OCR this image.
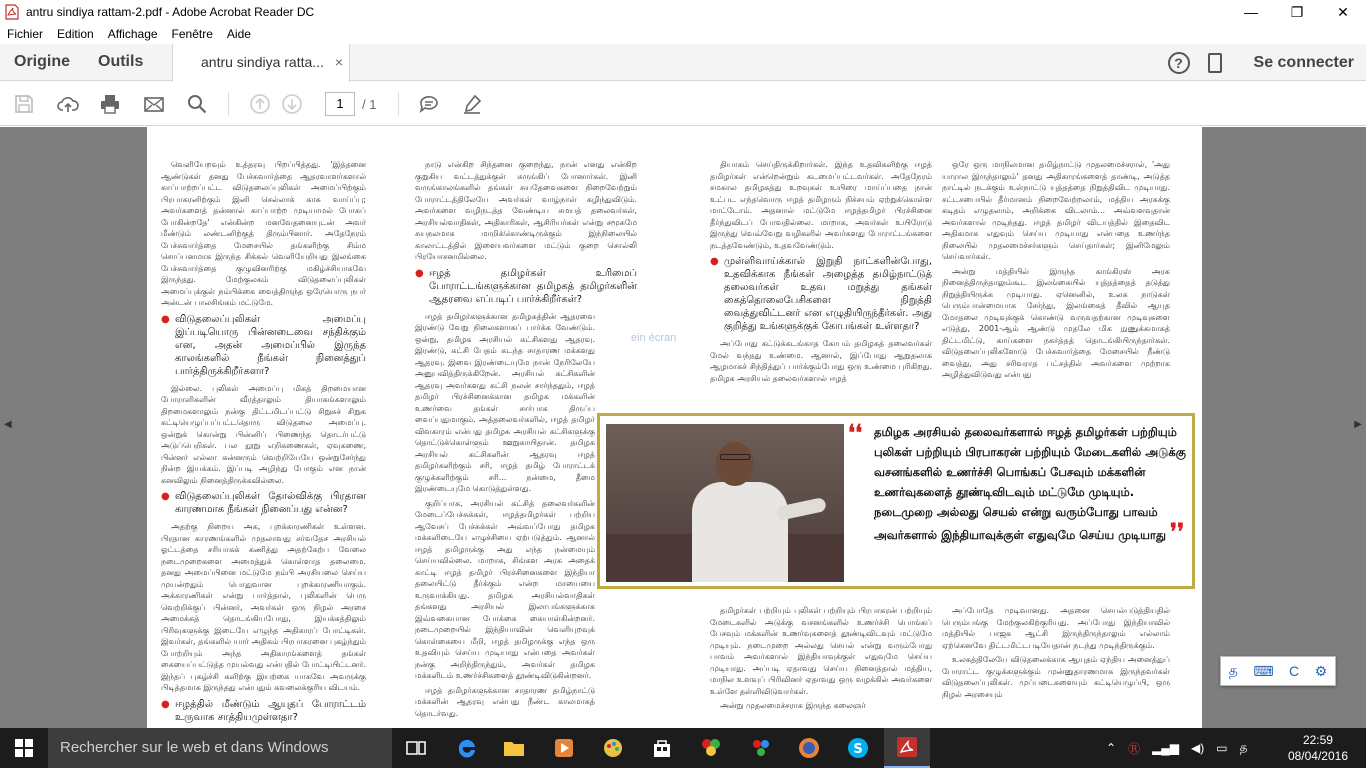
antru sindiya rattam-2.pdf - Adobe Acrobat Reader DC	—	❐	✕
Fichier	Edition	Affichage	Fenêtre	Aide
Origine Outils	antru sindiya ratta... ×	?	Se connecter
1	/ 1
◀	▶

வெளியேறவும் உத்தரவு பிறப்பித்தது. 'இத்தனை ஆண்டுகள் தனது பேச்சுவார்த்தை ஆதரவாளர்களால் காப்பாற்றப்பட்ட விடுதலைப்புலிகள் அமைப்பிற்கும் பிரபாகரனிற்கும் இனி செல்லாக் காசு வாய்ப்பு; அவர்களைத் தன்னால் காப்பாற்ற முடியாமல் போகப் போகின்றதே' என்கின்ற மனவேதனையுடன் அவர் மீண்டும் லண்டனிற்குத் திரும்பினார். அதேநேரம் பேச்சுவார்த்தை மேசையில் தங்களிற்கு சிம்ம சொப்பனமாக இருந்த சிக்கல் வெளியேறியது இலங்கை பேச்சுவார்த்தை குழுவினரிற்கு மகிழ்ச்சியாகவே இருந்தது. மேற்குலகம் விடுதலைப்புலிகள் அமைப்புக்குள் நம்பிக்கை வைத்திருந்த ஒரேயொரு நபர் அன்டன் பாலசிங்கம் மட்டுமே.

● விடுதலைப்புலிகள் அமைப்பு இப்படியொரு பின்னடைவை சந்திக்கும் என, அதன் அமைப்பில் இருந்த காலங்களில் நீங்கள் நினைத்துப் பார்த்திருக்கிறீர்களா?

இல்லை. புலிகள் அமைப்பு மிகத் திறமையான போராளிகளின் வீரத்தாலும் தியாகங்களாலும் திறமைகளாலும் நன்கு திட்டமிடப்பட்டு சிறுசுச் சிறுக கட்டியெழுப்பப்பட்டதொரு விடுதலை அமைப்பு. ஒன்றுக் கொன்று பின்னிப் பிணைந்த தொடர்பட்டு அடுப்பெறிகள். பல நூறு எறிகணைகள், ஏவுகணை, பின்னர் எல்லா கன்னரும் வெற்றியேயே ஒன்றுசேர்ந்து நின்ற இயக்கம். இப்படி அழிந்து போகும் என நான் கனவிலும் நினைத்திருக்கவில்லை.

● விடுதலைப்புலிகள் தோல்விக்கு பிரதான காரணமாக நீங்கள் நினைப்பது என்ன?

அதற்கு நிறைய அக, புறக்காரணிகள் உள்ளன. பிரதான காரணங்களில் முதலாவது சர்வதேச அரசியல் ஓட்டத்தை சரியாகக் கணித்து அதற்கேற்ப வேலை நடைமுறைகளை அமைத்துக் கொள்ளாத தலைமை. தனது அமைப்பினை மட்டுமே நம்பி அரசியலை செய்ய முயன்றதும் பொதுவான புறக்காரணியாகும். அக்காரணிகள் என்று பார்த்தால், புலிகளின் பெரு வெற்றிக்குப் பின்னர், அவர்கள் ஒரு நிழல் அரசை அமைக்கத் தொடங்கியபோது, இயக்கத்திலும் பிரிவுகளுக்கு இடையே எழுந்த அதிகாரப் போட்டிகள். இவர்கள், தங்களில் யார் அதிகம் பிரபாகரனை புகழ்ந்தும் போற்றியும் அந்த அதிகாரங்களைத் தங்கள் கையைப்பட்டுத்த முயல்வது என்பதில் போட்டியிட்டனர். இந்தப் புகழ்ச்சி களிற்கு இயற்கை யாகவே அவருக்கு பிடித்தமாக இருந்தது என்பதும் கவலைக்குரிய விடயம்.

● ஈழத்தில் மீண்டும் ஆயுதப் போராட்டம் உருவாக சாத்தியமுள்ளதா?

நாடு என்கிற சிந்தனை குறைந்து, நான் எனது என்கிற குறுகிய வட்டத்துக்குள் சுருங்கிப் போனார்கள். இனி வருங்காலங்களில் தங்கள் சுயதேவைகளை நிறைவேற்றும் போராட்டத்திலேயே அவர்கள் வாழ்நாள் கழிந்துவிடும். அவர்களை வழிநடத்த வேண்டிய சமயத் தலைவர்கள், அரசியல்வாதிகள், அதிகாரிகள், ஆசிரியர்கள் என்று சமூகமே சுயநலமாக மாறிக்கொண்டிருக்கும் இந்நிலையில் காலாட்டத்தில் இளையவர்களை மட்டும் குறை சொல்லி பிரயோசனமில்லை.

● ஈழத் தமிழர்கள் உரிமைப் போராட்டங்களுக்கான தமிழகத் தமிழர்களின் ஆதரவை எப்படிப் பார்க்கிறீர்கள்?

ஈழத் தமிழர்களுக்கான தமிழகத்தின் ஆதரவை இரண்டு வேறு நிலைகளாகப் பார்க்க வேண்டும். ஒன்று, தமிழக அரசியல் கட்சிகளது ஆதரவு. இரண்டு, கட்சி பேதம் கடந்த சாதாரண மக்களது ஆதரவு. இவை இரண்டையுமே நான் நேரிலேயே அனுபவித்திருக்கிறேன். அரசியல் கட்சிகளின் ஆதரவு அவர்களது கட்சி நலன் சார்ந்ததும், ஈழத் தமிழர் பிரச்சினைக்கான தமிழக மக்களின் உணர்வை தங்கள் சார்பாக திருப்ப வைப்பதுமாகும். அத்தலைவர்களில், ஈழத் தமிழர் விவகாரம் என்பது தமிழக அரசியல் கட்சிகளுக்கு தொட்டுக்கொள்ளும் ஊறுகாயிதான். தமிழக அரசியல் கட்சிகளின் ஆதரவு ஈழத் தமிழர்களிற்கும் சரி, ஈழத் தமிழ் போராட்டக் குழுக்களிற்கும் சரி... நன்மை, தீமை இரண்டையுமே கொடுத்துள்ளது.

குறிப்பாக, அரசியல் கட்சித் தலைவர்களின் மேடைப்பேச்சுக்கள், ஈழத்தமிழர்கள் பற்றிய ஆவேசப் பேச்சுக்கள் அவ்வப்போது தமிழக மக்களிடையே எழுச்சியை ஏற்படுத்தும். ஆனால் ஈழத் தமிழருக்கு அது எந்த நன்மையும் செய்யவில்லை. மாறாக, சிங்கள அரசு அதைக் காட்டி ஈழத் தமிழர் பிரச்சினைகளை இந்தியா தலையிட்டு தீர்க்கும் என்ற மாயையை உருவாக்கியது. தமிழக அரசியல்வாதிகள் தங்களது அரசியல் இலாபங்களுக்காக இவ்வகையான போக்கை கையாள்கின்றனர். நடைமுறையில் இந்தியாவின் வெளியுறவுக் கொள்கையை மீறி, ஈழத் தமிழருக்கு எந்த ஒரு உதவியும் செய்ய முடியாது என்பதை அவர்கள் நன்கு அறிந்திருந்தும், அவர்கள் தமிழக மக்களிடம் உணர்ச்சிகளைத் தூண்டிவிடுகின்றனர்.

ஈழத் தமிழர்களுக்கான சாதாரண தமிழ்நாட்டு மக்களின் ஆதரவு என்பது நீண்ட காலமாகத் தொடர்வது.

தியாகம் செய்திருக்கிறார்கள். இந்த உதவிகளிற்கு ஈழத் தமிழர்கள் என்றென்றும் கடமைப்பட்டவர்கள். அதேநேரம் சமகால தமிழகத்து உறவுகள் உயிரை மாய்ப்பதை நான் உட்பட எந்தவொரு ஈழத் தமிழரும் நிச்சயம் ஏற்றுக்கொள்ள மாட்டோம். அதனால் மட்டுமே ஈழத்தமிழர் பிரச்சினை தீர்ந்துவிடப் போவதில்லை. மாறாக, அவர்கள் உயிரோடு இருந்து வெவ்வேறு வழிகளில் அவர்களது போராட்டங்களை நடத்தவேண்டும், உதவவேண்டும்.

● முள்ளிவாய்க்கால் இறுதி நாட்களின்போது, உதவிக்காக நீங்கள் அழைத்த தமிழ்நாட்டுத் தலைவர்கள் உதவ மறுத்து தங்கள் கைத்தொலைபேசிகளை நிறுத்தி வைத்துவிட்டனர் என எழுதியிருந்தீர்கள். அது குறித்து உங்களுக்குக் கோபங்கள் உள்ளதா?

அப்போது கட்டுக்கடங்காத கோபம் தமிழகத் தலைவர்கள் மேல் வந்தது உண்மை. ஆனால், இப்போது ஆறுதலாக ஆழமாகச் சிந்தித்துப் பார்க்கும்போது ஒரு உண்மை புரிகிறது. தமிழக அரசியல் தலைவர்களால் ஈழத்

தமிழர்கள் பற்றியும் புலிகள் பற்றியும் பிரபாகரன் பற்றியும் மேடைகளில் அடுக்கு வசனங்களில் உணர்ச்சி பொங்கப் பேசவும் மக்களின் உணர்வுகளைத் தூண்டிவிடவும் மட்டுமே முடியும். நடைமுறை அல்லது செயல் என்று வரும்போது பாவம் அவர்களால் இந்தியாவுக்குள் எதுவுமே செய்ய முடியாது. அப்படி ஏதாவது செய்ய நினைத்தால் மத்திய, மாநில உளவுப் பிரிவினர் ஏதாவது ஒரு வழக்கில் அவர்களை உள்ளே தள்ளிவிடுவார்கள்.

அன்று முதலமைச்சராக இருந்த கலைஞர்

ஒரே ஒரு மாநிலமான தமிழ்நாட்டு முதலமைச்சரால், 'அது யாரால இருந்தாலும்' தனது அதிகாரங்களைத் தாண்டி, அடுத்த நாட்டில் நடக்கும் உள்நாட்டு யுத்தத்தை நிறுத்திவிட முடியாது. சட்டசபையில் தீர்மானம் நிறைவேற்றலாம், மத்திய அரசுக்கு கடிதம் எழுதலாம், அறிக்கை விடலாம்... அவ்வளவுதான் அவர்களால் முடிந்தது. ஈழத் தமிழர் விடயத்தில் இதைவிட அதிகமாக எதுவும் செய்ய முடியாது என்பதை உணர்ந்த நிலையில் முதலமைச்சர்களும் செய்தார்கள்; இனிமேலும் செய்வார்கள்.

அன்று மத்தியில் இருந்த காங்கிரஸ் அரசு நினைத்திருந்தாலும்கூட இலங்கையில் யுத்தத்தைத் தடுத்து நிறுத்தியிருக்க முடியாது. ஏனெனில், உலக நாடுகள் பெரும்பான்மையாக சேர்ந்து, இலங்கைத் தீவில் ஆயுத மோதலை முடிவுக்குக் கொண்டு வருவதற்கான முடிவுகளை எடுத்து, 2001-ஆம் ஆண்டு முதலே மிக நுணுக்கமாகத் திட்டமிட்டு, காய்களை நகர்த்தத் தொடங்கியிருந்தார்கள். விடுதலைப்புலிகளோடு பேச்சுவார்த்தை மேசையில் நீண்டு வைத்து, அது சரிவராத பட்சத்தில் அவர்களை முற்றாக அழித்துவிடுவது என்பது

அப்போதே முடிவானது. அதனை செயல்படுத்தியதில் பெரும்பங்கு மேற்குலகிற்குரியது. அப்போது இந்தியாவில் மத்தியில் பாஜக ஆட்சி இருந்திருந்தாலும் எல்லாம் ஏற்கெனவே திட்டமிட்டபடியேதான் நடந்து முடிந்திருக்கும்.

உலகத்திலேயே விடுதலைக்காக ஆயுதம் ஏந்திய அனைத்துப் போராட்ட குழுக்களுக்கும் முன்னுதாரணமாக இருந்தவர்கள் விடுதலைப்புலிகள். முப்படைகளையும் கட்டியெழுப்பி, ஒரு நிழல் அரசையும்

ein écran
❛❛ தமிழக அரசியல் தலைவர்களால் ஈழத் தமிழர்கள் பற்றியும் புலிகள் பற்றியும் பிரபாகரன் பற்றியும் மேடைகளில் அடுக்கு வசனங்களில் உணர்ச்சி பொங்கப் பேசவும் மக்களின் உணர்வுகளைத் தூண்டிவிடவும் மட்டுமே முடியும். நடைமுறை அல்லது செயல் என்று வரும்போது பாவம் அவர்களால் இந்தியாவுக்குள் எதுவுமே செய்ய முடியாது ❜❜
த ⌨ C ⚙
Rechercher sur le web et dans Windows	S	⌃ Ⓡ ▂▄▆ ◀) ▭ த	22:59
08/04/2016
